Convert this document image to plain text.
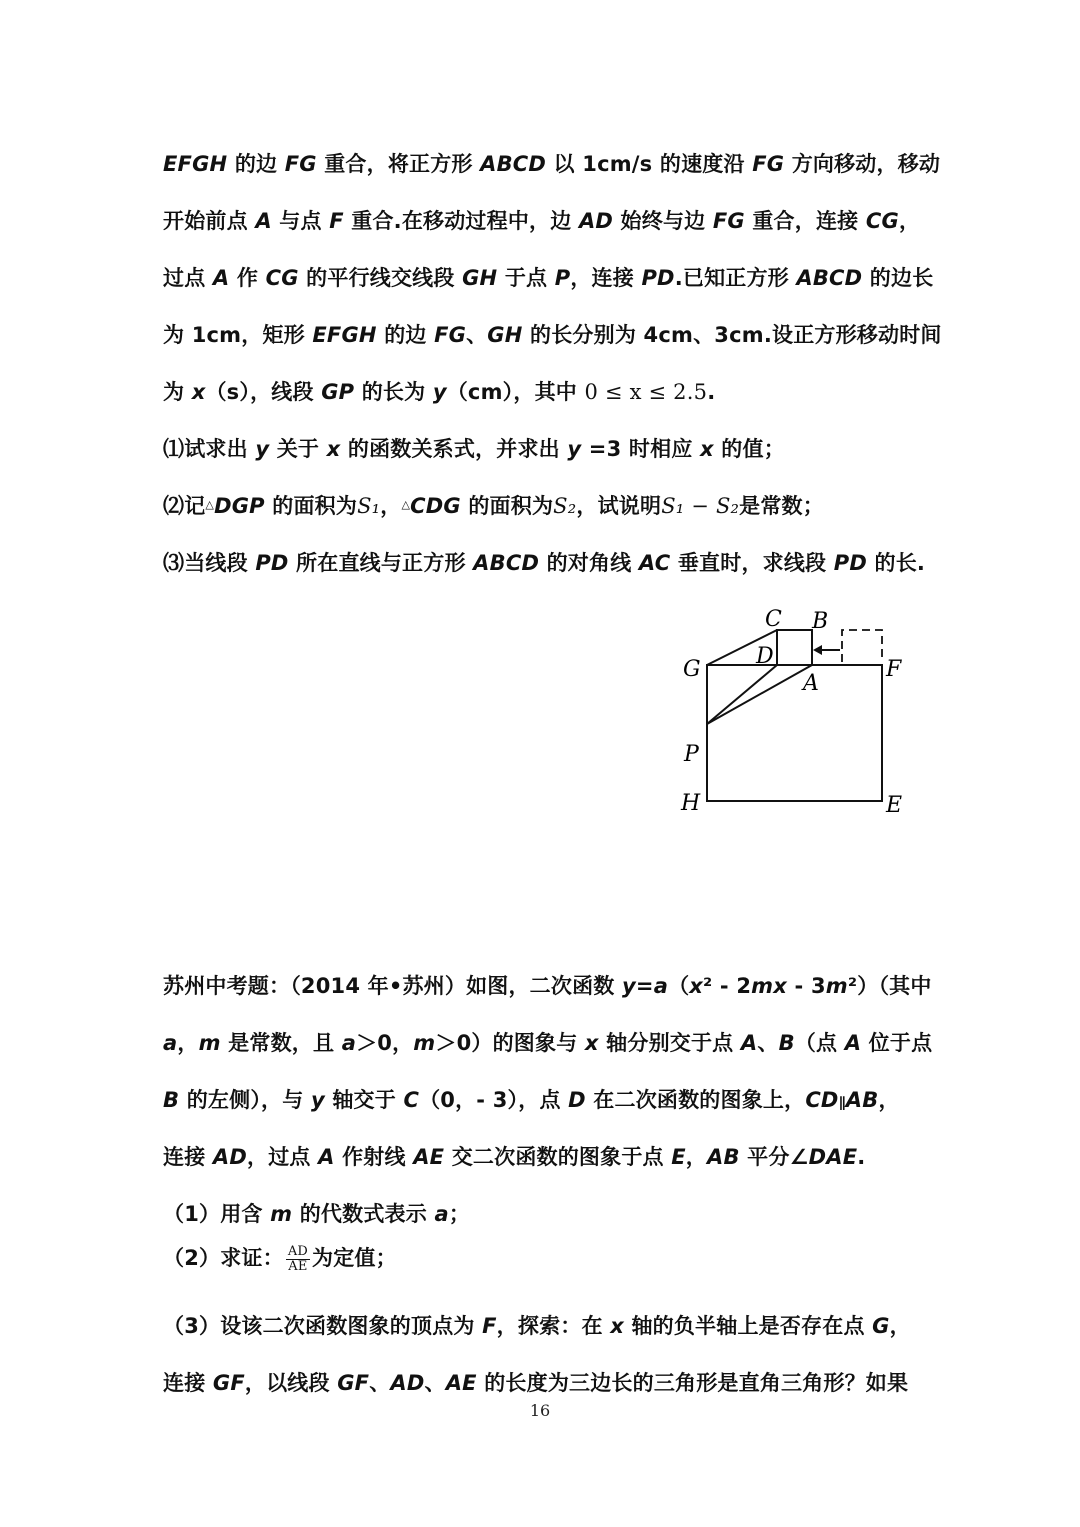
EFGH 的边 FG 重合，将正方形 ABCD 以 1cm/s 的速度沿 FG 方向移动，移动
开始前点 A 与点 F 重合.在移动过程中，边 AD 始终与边 FG 重合，连接 CG，
过点 A 作 CG 的平行线交线段 GH 于点 P，连接 PD.已知正方形 ABCD 的边长
为 1cm，矩形 EFGH 的边 FG、GH 的长分别为 4cm、3cm.设正方形移动时间
为 x（s），线段 GP 的长为 y（cm），其中 0 ≤ x ≤ 2.5.
⑴试求出 y 关于 x 的函数关系式，并求出 y =3 时相应 x 的值；
⑵记△DGP 的面积为S₁，△CDG 的面积为S₂，试说明S₁ − S₂是常数；
⑶当线段 PD 所在直线与正方形 ABCD 的对角线 AC 垂直时，求线段 PD 的长.
C B
D
G
A
F
P
H	E
苏州中考题：（2014 年•苏州）如图，二次函数 y=a（x² - 2mx - 3m²）（其中
a，m 是常数，且 a＞0，m＞0）的图象与 x 轴分别交于点 A、B（点 A 位于点
B 的左侧），与 y 轴交于 C（0，- 3），点 D 在二次函数的图象上，CD∥AB，
连接 AD，过点 A 作射线 AE 交二次函数的图象于点 E，AB 平分∠DAE.
（1）用含 m 的代数式表示 a；
（2）求证： $\frac{AD}{AE}$ 为定值；
（3）设该二次函数图象的顶点为 F，探索：在 x 轴的负半轴上是否存在点 G，
连接 GF，以线段 GF、AD、AE 的长度为三边长的三角形是直角三角形？如果
16
